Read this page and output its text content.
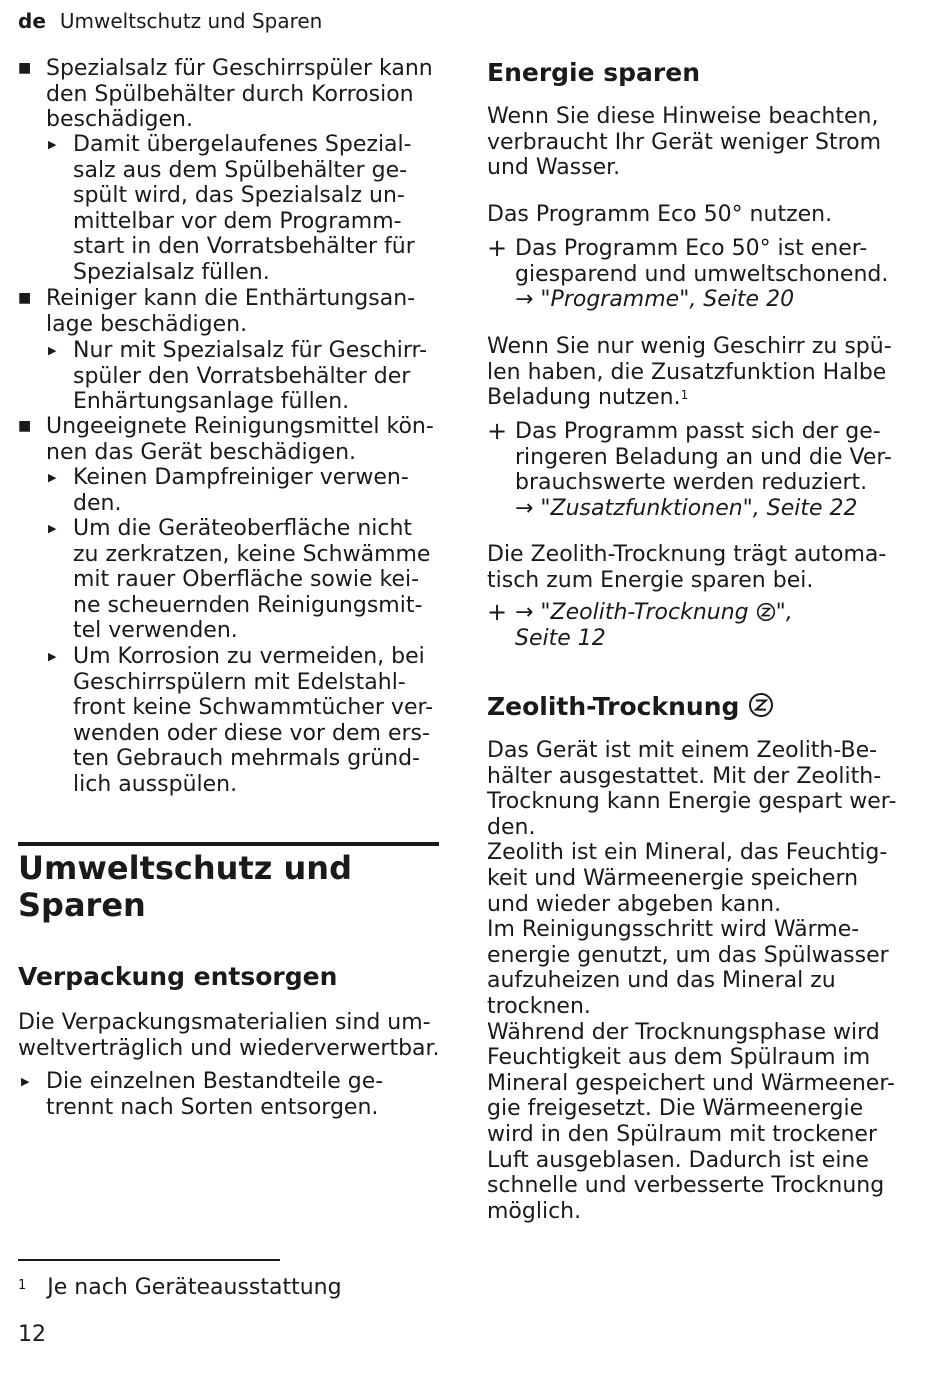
de Umweltschutz und Sparen
■ Spezialsalz für Geschirrspüler kann
den Spülbehälter durch Korrosion
beschädigen.
▶ Damit übergelaufenes Spezial-
salz aus dem Spülbehälter ge-
spült wird, das Spezialsalz un-
mittelbar vor dem Programm-
start in den Vorratsbehälter für
Spezialsalz füllen.
■ Reiniger kann die Enthärtungsan-
lage beschädigen.
▶ Nur mit Spezialsalz für Geschirr-
spüler den Vorratsbehälter der
Enhärtungsanlage füllen.
■ Ungeeignete Reinigungsmittel kön-
nen das Gerät beschädigen.
▶ Keinen Dampfreiniger verwen-
den.
▶ Um die Geräteoberfläche nicht
zu zerkratzen, keine Schwämme
mit rauer Oberfläche sowie kei-
ne scheuernden Reinigungsmit-
tel verwenden.
▶ Um Korrosion zu vermeiden, bei
Geschirrspülern mit Edelstahl-
front keine Schwammtücher ver-
wenden oder diese vor dem ers-
ten Gebrauch mehrmals gründ-
lich ausspülen.
Umweltschutz und
Sparen
Verpackung entsorgen
Die Verpackungsmaterialien sind um-
weltverträglich und wiederverwertbar.
▶ Die einzelnen Bestandteile ge-
trennt nach Sorten entsorgen.
Energie sparen
Wenn Sie diese Hinweise beachten,
verbraucht Ihr Gerät weniger Strom
und Wasser.
Das Programm Eco 50° nutzen.
+ Das Programm Eco 50° ist ener-
giesparend und umweltschonend.
→ "Programme", Seite 20
Wenn Sie nur wenig Geschirr zu spü-
len haben, die Zusatzfunktion Halbe
Beladung nutzen.$^1$
+ Das Programm passt sich der ge-
ringeren Beladung an und die Ver-
brauchswerte werden reduziert.
→ "Zusatzfunktionen", Seite 22
Die Zeolith-Trocknung trägt automa-
tisch zum Energie sparen bei.
+ → "Zeolith-Trocknung ",
Seite 12
Zeolith-Trocknung
Das Gerät ist mit einem Zeolith-Be-
hälter ausgestattet. Mit der Zeolith-
Trocknung kann Energie gespart wer-
den.
Zeolith ist ein Mineral, das Feuchtig-
keit und Wärmeenergie speichern
und wieder abgeben kann.
Im Reinigungsschritt wird Wärme-
energie genutzt, um das Spülwasser
aufzuheizen und das Mineral zu
trocknen.
Während der Trocknungsphase wird
Feuchtigkeit aus dem Spülraum im
Mineral gespeichert und Wärmeener-
gie freigesetzt. Die Wärmeenergie
wird in den Spülraum mit trockener
Luft ausgeblasen. Dadurch ist eine
schnelle und verbesserte Trocknung
möglich.
$^1$ Je nach Geräteausstattung
12
